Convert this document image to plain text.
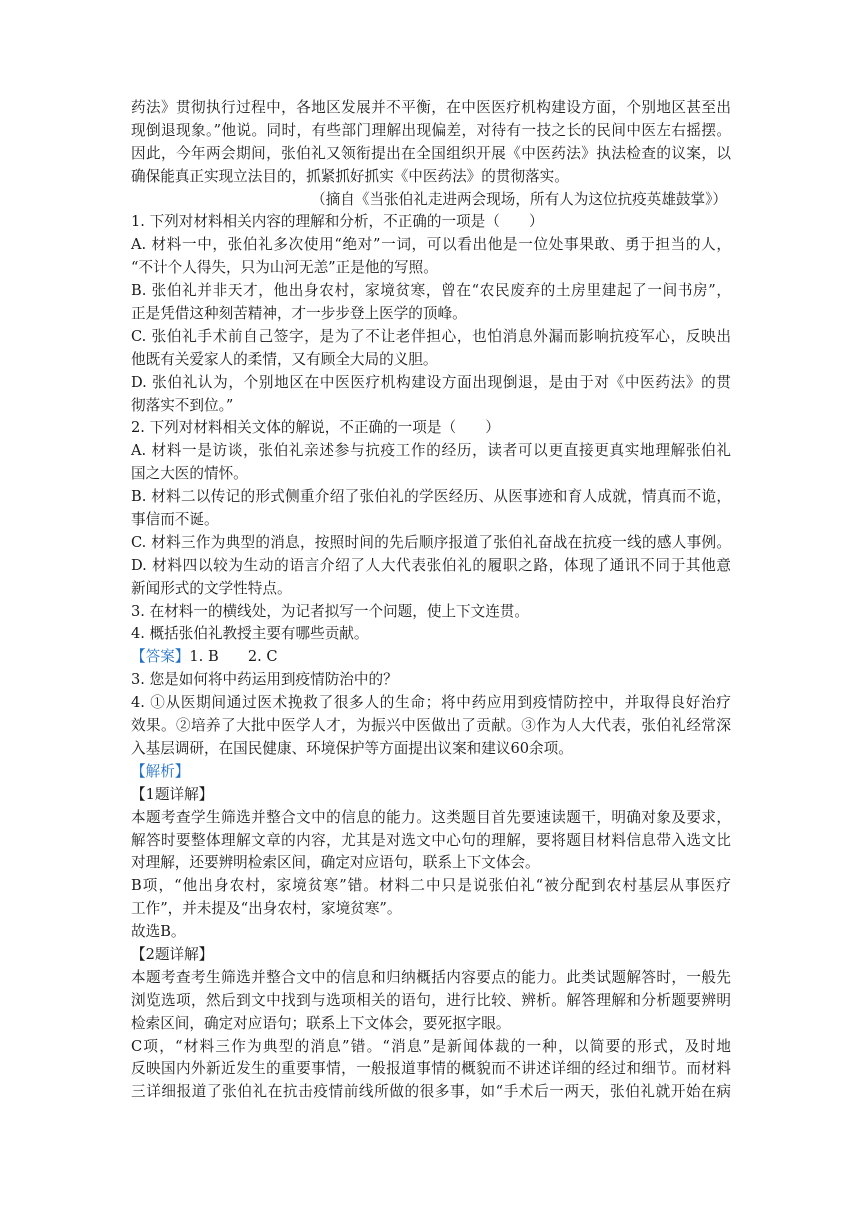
药法》贯彻执行过程中，各地区发展并不平衡，在中医医疗机构建设方面，个别地区甚至出
现倒退现象。”他说。同时，有些部门理解出现偏差，对待有一技之长的民间中医左右摇摆。
因此，今年两会期间，张伯礼又领衔提出在全国组织开展《中医药法》执法检查的议案，以
确保能真正实现立法目的，抓紧抓好抓实《中医药法》的贯彻落实。
（摘自《当张伯礼走进两会现场，所有人为这位抗疫英雄鼓掌》）
1. 下列对材料相关内容的理解和分析，不正确的一项是（　　）
A. 材料一中，张伯礼多次使用“绝对”一词，可以看出他是一位处事果敢、勇于担当的人，
“不计个人得失，只为山河无恙”正是他的写照。
B. 张伯礼并非天才，他出身农村，家境贫寒，曾在“农民废弃的土房里建起了一间书房”，
正是凭借这种刻苦精神，才一步步登上医学的顶峰。
C. 张伯礼手术前自己签字，是为了不让老伴担心，也怕消息外漏而影响抗疫军心，反映出
他既有关爱家人的柔情，又有顾全大局的义胆。
D. 张伯礼认为，个别地区在中医医疗机构建设方面出现倒退，是由于对《中医药法》的贯
彻落实不到位。”
2. 下列对材料相关文体的解说，不正确的一项是（　　）
A. 材料一是访谈，张伯礼亲述参与抗疫工作的经历，读者可以更直接更真实地理解张伯礼
国之大医的情怀。
B. 材料二以传记的形式侧重介绍了张伯礼的学医经历、从医事迹和育人成就，情真而不诡，
事信而不诞。
C. 材料三作为典型的消息，按照时间的先后顺序报道了张伯礼奋战在抗疫一线的感人事例。
D. 材料四以较为生动的语言介绍了人大代表张伯礼的履职之路，体现了通讯不同于其他意
新闻形式的文学性特点。
3. 在材料一的横线处，为记者拟写一个问题，使上下文连贯。
4. 概括张伯礼教授主要有哪些贡献。
【答案】1. B　　2. C
3. 您是如何将中药运用到疫情防治中的？
4. ①从医期间通过医术挽救了很多人的生命；将中药应用到疫情防控中，并取得良好治疗
效果。②培养了大批中医学人才，为振兴中医做出了贡献。③作为人大代表，张伯礼经常深
入基层调研，在国民健康、环境保护等方面提出议案和建议60余项。
【解析】
【1题详解】
本题考查学生筛选并整合文中的信息的能力。这类题目首先要速读题干，明确对象及要求，
解答时要整体理解文章的内容，尤其是对选文中心句的理解，要将题目材料信息带入选文比
对理解，还要辨明检索区间，确定对应语句，联系上下文体会。
B项，“他出身农村，家境贫寒”错。材料二中只是说张伯礼“被分配到农村基层从事医疗
工作”，并未提及“出身农村，家境贫寒”。
故选B。
【2题详解】
本题考查考生筛选并整合文中的信息和归纳概括内容要点的能力。此类试题解答时，一般先
浏览选项，然后到文中找到与选项相关的语句，进行比较、辨析。解答理解和分析题要辨明
检索区间，确定对应语句；联系上下文体会，要死抠字眼。
C项，“材料三作为典型的消息”错。“消息”是新闻体裁的一种，以简要的形式，及时地
反映国内外新近发生的重要事情，一般报道事情的概貌而不讲述详细的经过和细节。而材料
三详细报道了张伯礼在抗击疫情前线所做的很多事，如“手术后一两天，张伯礼就开始在病
